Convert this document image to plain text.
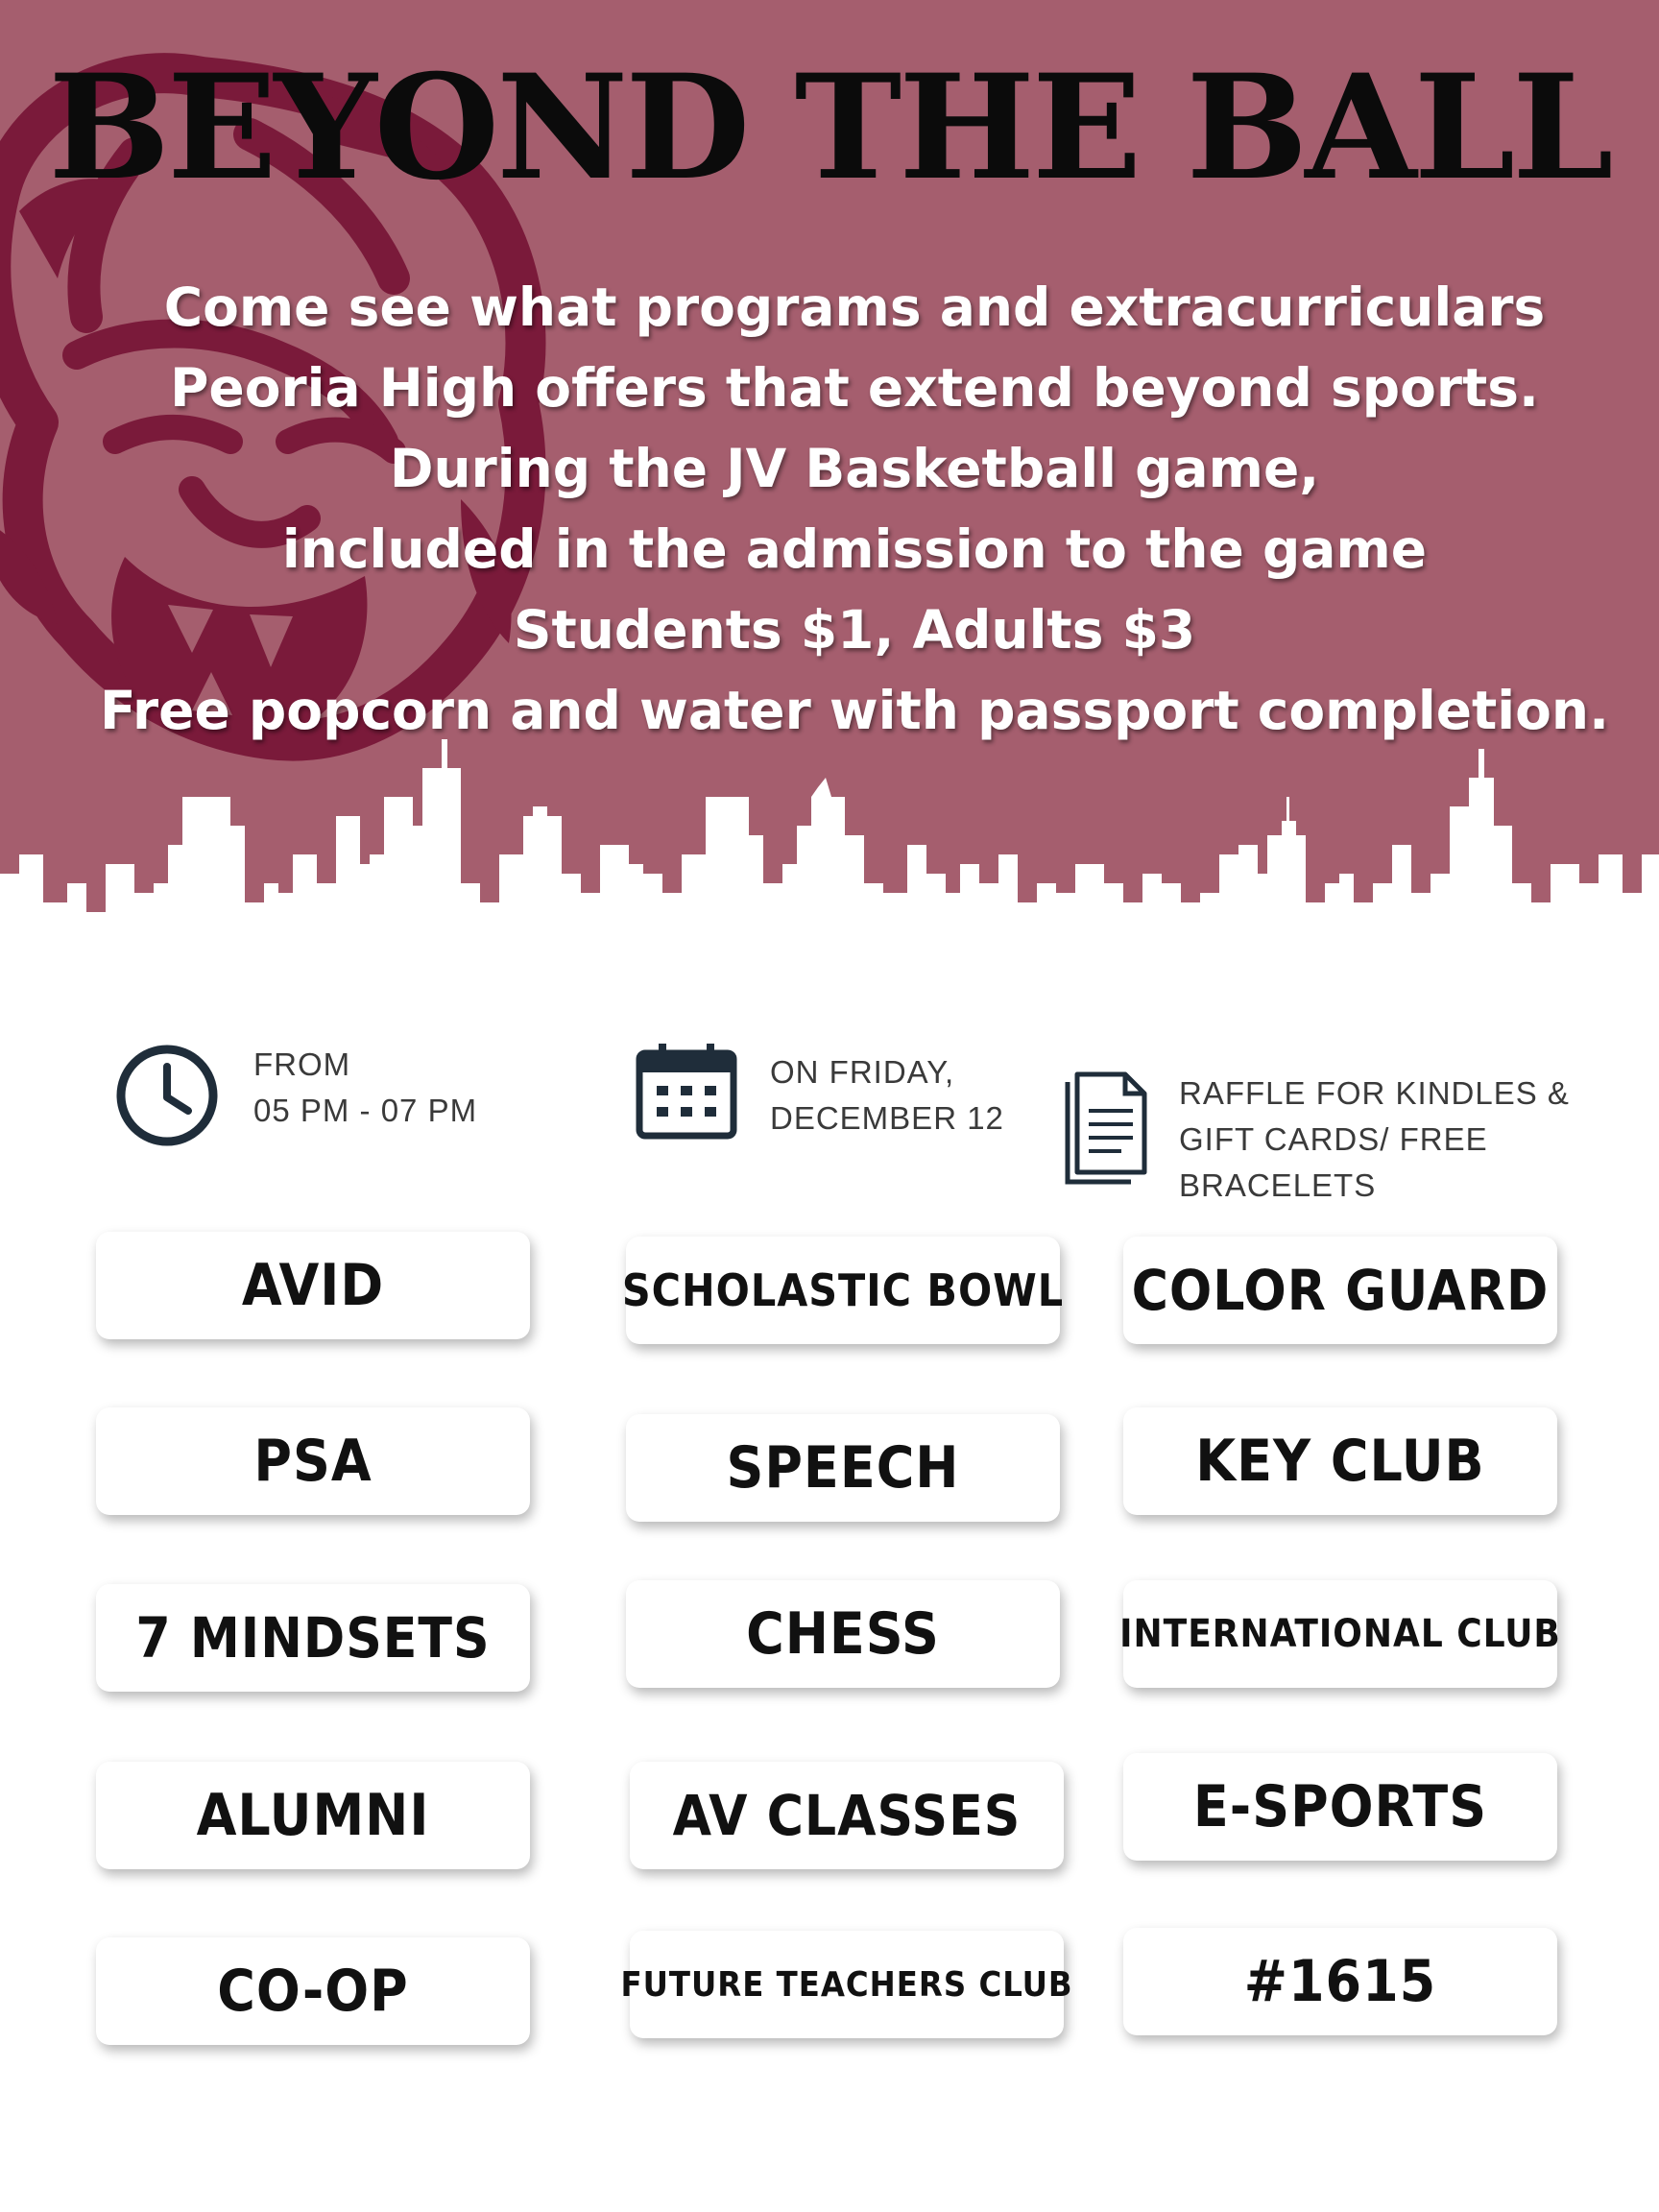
BEYOND THE BALL
Come see what programs and extracurriculars
Peoria High offers that extend beyond sports.
During the JV Basketball game,
included in the admission to the game
Students $1, Adults $3
Free popcorn and water with passport completion.
FROM
05 PM - 07 PM
ON FRIDAY,
DECEMBER 12
RAFFLE FOR KINDLES &
GIFT CARDS/ FREE
BRACELETS
AVID	SCHOLASTIC BOWL COLOR GUARD
PSA	SPEECH	KEY CLUB
7 MINDSETS	CHESS	INTERNATIONAL CLUB
ALUMNI	AV CLASSES	E-SPORTS
CO-OP	FUTURE TEACHERS CLUB	#1615
